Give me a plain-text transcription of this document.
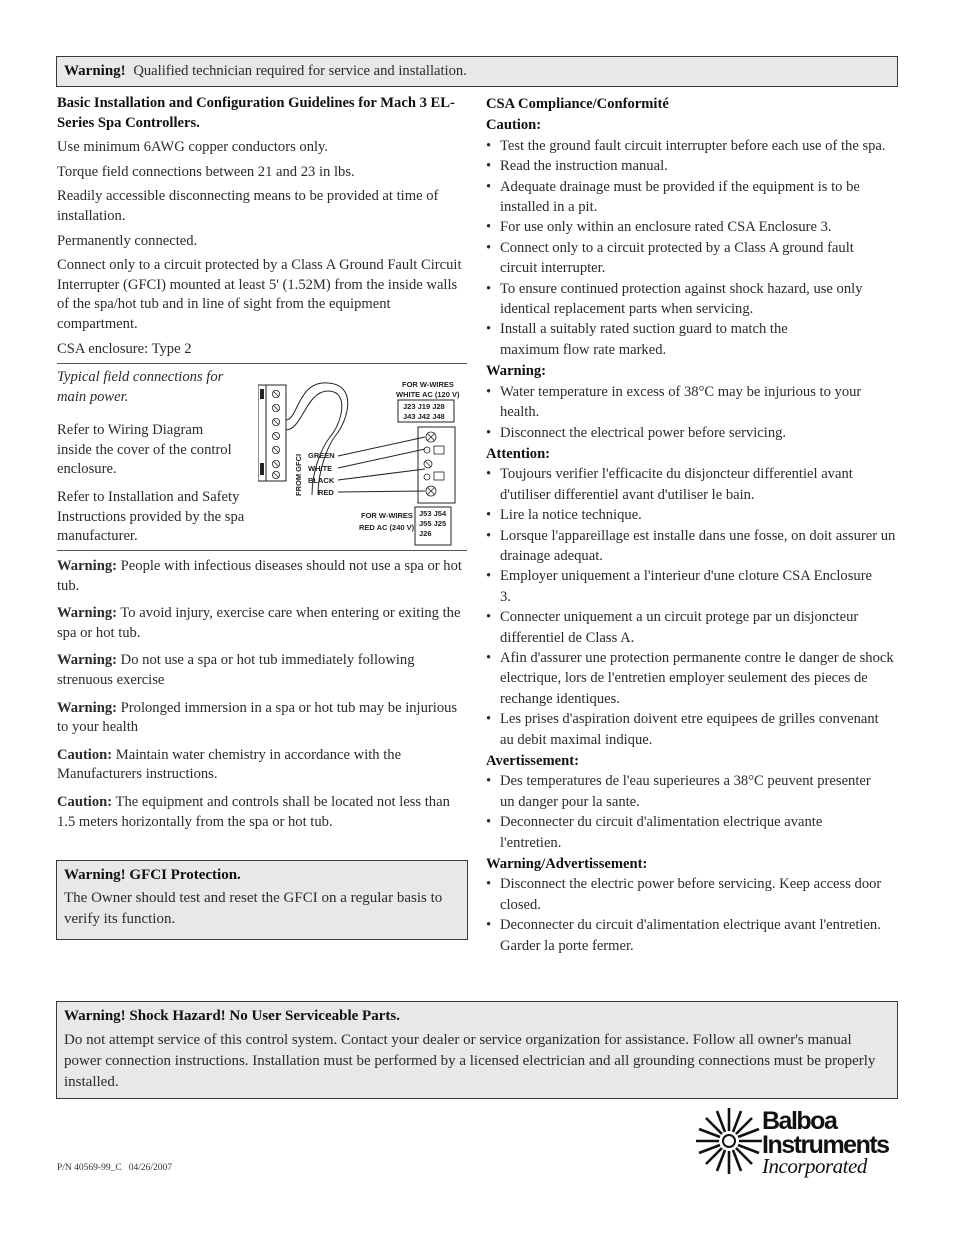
Warning! Qualified technician required for service and installation.

Basic Installation and Configuration Guidelines for Mach 3 EL-Series Spa Controllers.

Use minimum 6AWG copper conductors only.

Torque field connections between 21 and 23 in lbs.

Readily accessible disconnecting means to be provided at time of installation.

Permanently connected.

Connect only to a circuit protected by a Class A Ground Fault Circuit Interrupter (GFCI) mounted at least 5' (1.52M) from the inside walls of the spa/hot tub and in line of sight from the equipment compartment.

CSA enclosure: Type 2

Typical field connections for main power.

Refer to Wiring Diagram inside the cover of the control enclosure.

Refer to Installation and Safety Instructions provided by the spa manufacturer.

FROM GFCI GREEN
WHITE
BLACK
RED
FOR W-WIRES
WHITE AC (120 V)
J23 J19 J28
J43 J42 J48
FOR W-WIRES
RED AC (240 V)
J53 J54
J55 J25
J26

Warning: People with infectious diseases should not use a spa or hot tub.

Warning: To avoid injury, exercise care when entering or exiting the spa or hot tub.

Warning: Do not use a spa or hot tub immediately following strenuous exercise

Warning: Prolonged immersion in a spa or hot tub may be injurious to your health

Caution: Maintain water chemistry in accordance with the Manufacturers instructions.

Caution: The equipment and controls shall be located not less than 1.5 meters horizontally from the spa or hot tub.

Warning! GFCI Protection.

The Owner should test and reset the GFCI on a regular basis to verify its function.

CSA Compliance/Conformité

Caution:

• Test the ground fault circuit interrupter before each use of the spa.
• Read the instruction manual.
• Adequate drainage must be provided if the equipment is to be installed in a pit.
• For use only within an enclosure rated CSA Enclosure 3.
• Connect only to a circuit protected by a Class A ground fault circuit interrupter.
• To ensure continued protection against shock hazard, use only identical replacement parts when servicing.
• Install a suitably rated suction guard to match the maximum flow rate marked.

Warning:

• Water temperature in excess of 38°C may be injurious to your health.
• Disconnect the electrical power before servicing.

Attention:

• Toujours verifier l'efficacite du disjoncteur differentiel avant d'utiliser differentiel avant d'utiliser le bain.
• Lire la notice technique.
• Lorsque l'appareillage est installe dans une fosse, on doit assurer un drainage adequat.
• Employer uniquement a l'interieur d'une cloture CSA Enclosure 3.
• Connecter uniquement a un circuit protege par un disjoncteur differentiel de Class A.
• Afin d'assurer une protection permanente contre le danger de shock electrique, lors de l'entretien employer seulement des pieces de rechange identiques.
• Les prises d'aspiration doivent etre equipees de grilles convenant au debit maximal indique.

Avertissement:

• Des temperatures de l'eau superieures a 38°C peuvent presenter un danger pour la sante.
• Deconnecter du circuit d'alimentation electrique avante l'entretien.

Warning/Advertissement:

• Disconnect the electric power before servicing. Keep access door closed.
• Deconnecter du circuit d'alimentation electrique avant l'entretien. Garder la porte fermer.

Warning! Shock Hazard! No User Serviceable Parts.

Do not attempt service of this control system. Contact your dealer or service organization for assistance. Follow all owner's manual power connection instructions. Installation must be performed by a licensed electrician and all grounding connections must be properly installed.

P/N 40569-99_C   04/26/2007
Balboa
Instruments
Incorporated
